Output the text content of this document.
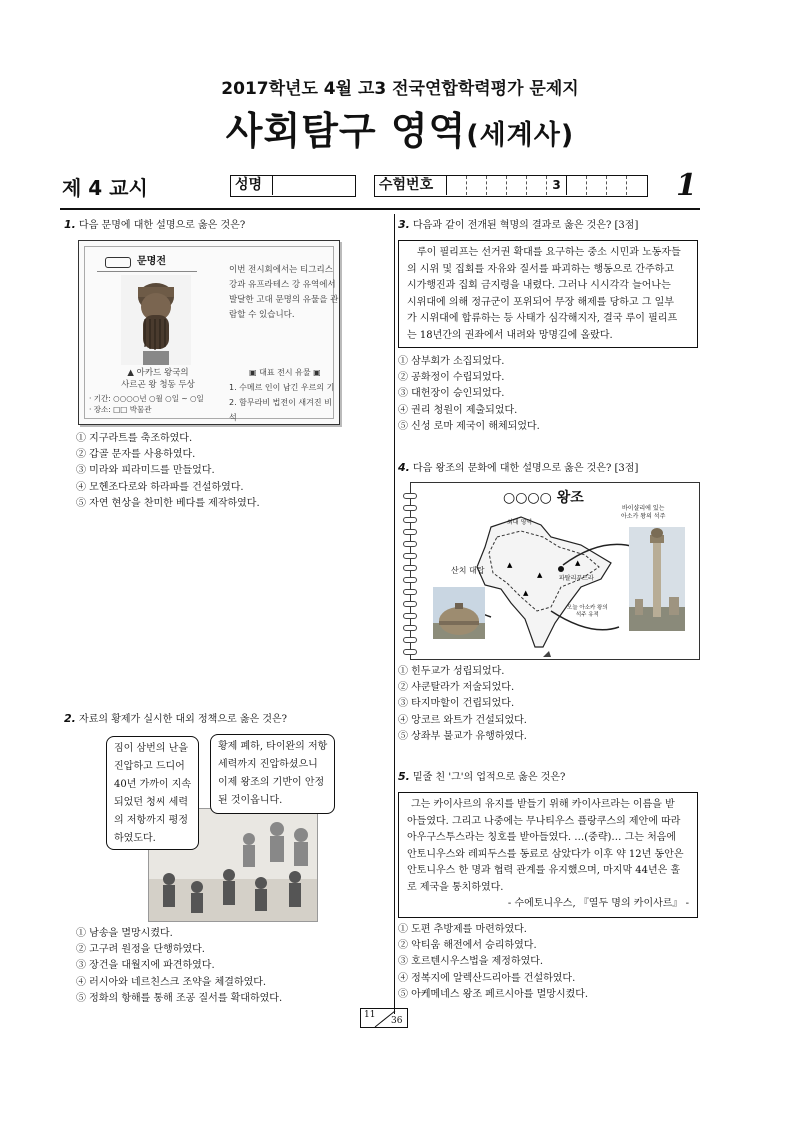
2017학년도 4월 고3 전국연합학력평가 문제지
사회탐구 영역(세계사)
제 4 교시	성명	수험번호	3	1
1. 다음 문명에 대한 설명으로 옳은 것은?
문명전
▲ 아카드 왕국의
사르곤 왕 청동 두상
· 기간: ○○○○년 ○월 ○일 ~ ○일
· 장소: □□ 박물관
이번 전시회에서는 티그리스
강과 유프라테스 강 유역에서
발달한 고대 문명의 유물을 관
람할 수 있습니다.
▣ 대표 전시 유물 ▣
1. 수메르 인이 남긴 우르의 기
2. 함무라비 법전이 새겨진 비석
① 지구라트를 축조하였다.
② 갑골 문자를 사용하였다.
③ 미라와 피라미드를 만들었다.
④ 모헨조다로와 하라파를 건설하였다.
⑤ 자연 현상을 찬미한 베다를 제작하였다.
2. 자료의 황제가 실시한 대외 정책으로 옳은 것은?
짐이 삼번의 난을
진압하고 드디어
40년 가까이 지속
되었던 청씨 세력
의 저항까지 평정
하였도다.
황제 폐하, 타이완의 저항
세력까지 진압하셨으니
이제 왕조의 기반이 안정
된 것이옵니다.
① 남송을 멸망시켰다.
② 고구려 원정을 단행하였다.
③ 장건을 대월지에 파견하였다.
④ 러시아와 네르친스크 조약을 체결하였다.
⑤ 정화의 항해를 통해 조공 질서를 확대하였다.
3. 다음과 같이 전개된 혁명의 결과로 옳은 것은? [3점]
루이 필리프는 선거권 확대를 요구하는 중소 시민과 노동자들
의 시위 및 집회를 자유와 질서를 파괴하는 행동으로 간주하고
시가행진과 집회 금지령을 내렸다. 그러나 시시각각 늘어나는
시위대에 의해 정규군이 포위되어 무장 해제를 당하고 그 일부
가 시위대에 합류하는 등 사태가 심각해지자, 결국 루이 필리프
는 18년간의 권좌에서 내려와 망명길에 올랐다.
① 삼부회가 소집되었다.
② 공화정이 수립되었다.
③ 대헌장이 승인되었다.
④ 권리 청원이 제출되었다.
⑤ 신성 로마 제국이 해체되었다.
4. 다음 왕조의 문화에 대한 설명으로 옳은 것은? [3점]
○○○○ 왕조
▲
▲
▲
▲
최대 영역
파탈리푸트라
산치 대탑
바이샬리에 있는
아소카 왕의 석주
오늘 아소카 왕의
석주 유적
① 힌두교가 성립되었다.
② 샤쿤탈라가 저술되었다.
③ 타지마할이 건립되었다.
④ 앙코르 와트가 건설되었다.
⑤ 상좌부 불교가 유행하였다.
5. 밑줄 친 '그'의 업적으로 옳은 것은?
그는 카이사르의 유지를 받들기 위해 카이사르라는 이름을 받
아들였다. 그리고 나중에는 무나티우스 플랑쿠스의 제안에 따라
아우구스투스라는 칭호를 받아들였다. …(중략)… 그는 처음에
안토니우스와 레피두스를 동료로 삼았다가 이후 약 12년 동안은
안토니우스 한 명과 협력 관계를 유지했으며, 마지막 44년은 홀
로 제국을 통치하였다.
- 수에토니우스, 『열두 명의 카이사르』 -
① 도편 추방제를 마련하였다.
② 악티움 해전에서 승리하였다.
③ 호르텐시우스법을 제정하였다.
④ 정복지에 알렉산드리아를 건설하였다.
⑤ 아케메네스 왕조 페르시아를 멸망시켰다.
11
36
